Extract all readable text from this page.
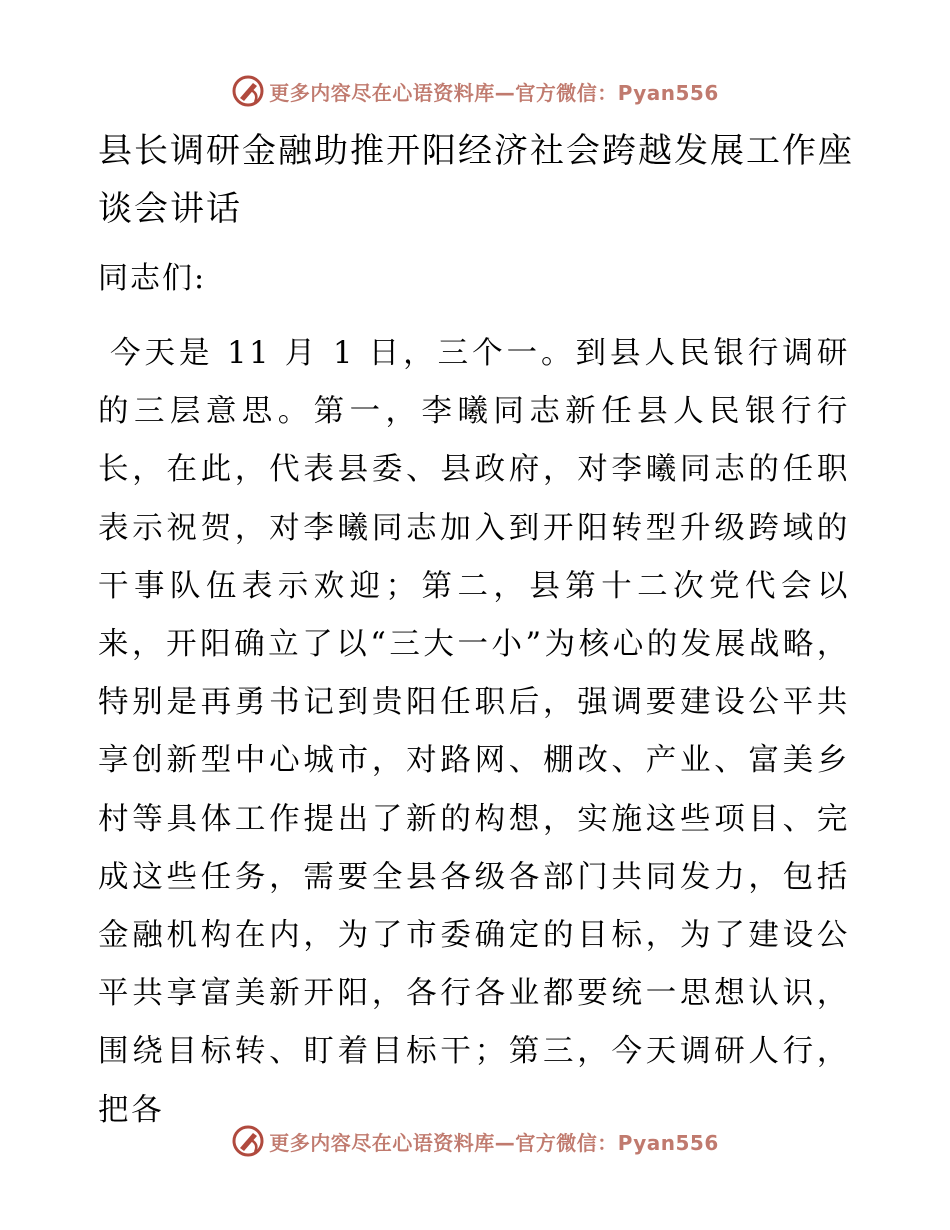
更多内容尽在心语资料库—官方微信：Pyan556
县长调研金融助推开阳经济社会跨越发展工作座谈会讲话
同志们:
今天是 11 月 1 日，三个一。到县人民银行调研的三层意思。第一，李曦同志新任县人民银行行长，在此，代表县委、县政府，对李曦同志的任职表示祝贺，对李曦同志加入到开阳转型升级跨域的干事队伍表示欢迎；第二，县第十二次党代会以来，开阳确立了以“三大一小”为核心的发展战略，特别是再勇书记到贵阳任职后，强调要建设公平共享创新型中心城市，对路网、棚改、产业、富美乡村等具体工作提出了新的构想，实施这些项目、完成这些任务，需要全县各级各部门共同发力，包括金融机构在内，为了市委确定的目标，为了建设公平共享富美新开阳，各行各业都要统一思想认识，围绕目标转、盯着目标干；第三，今天调研人行，把各
更多内容尽在心语资料库—官方微信：Pyan556
